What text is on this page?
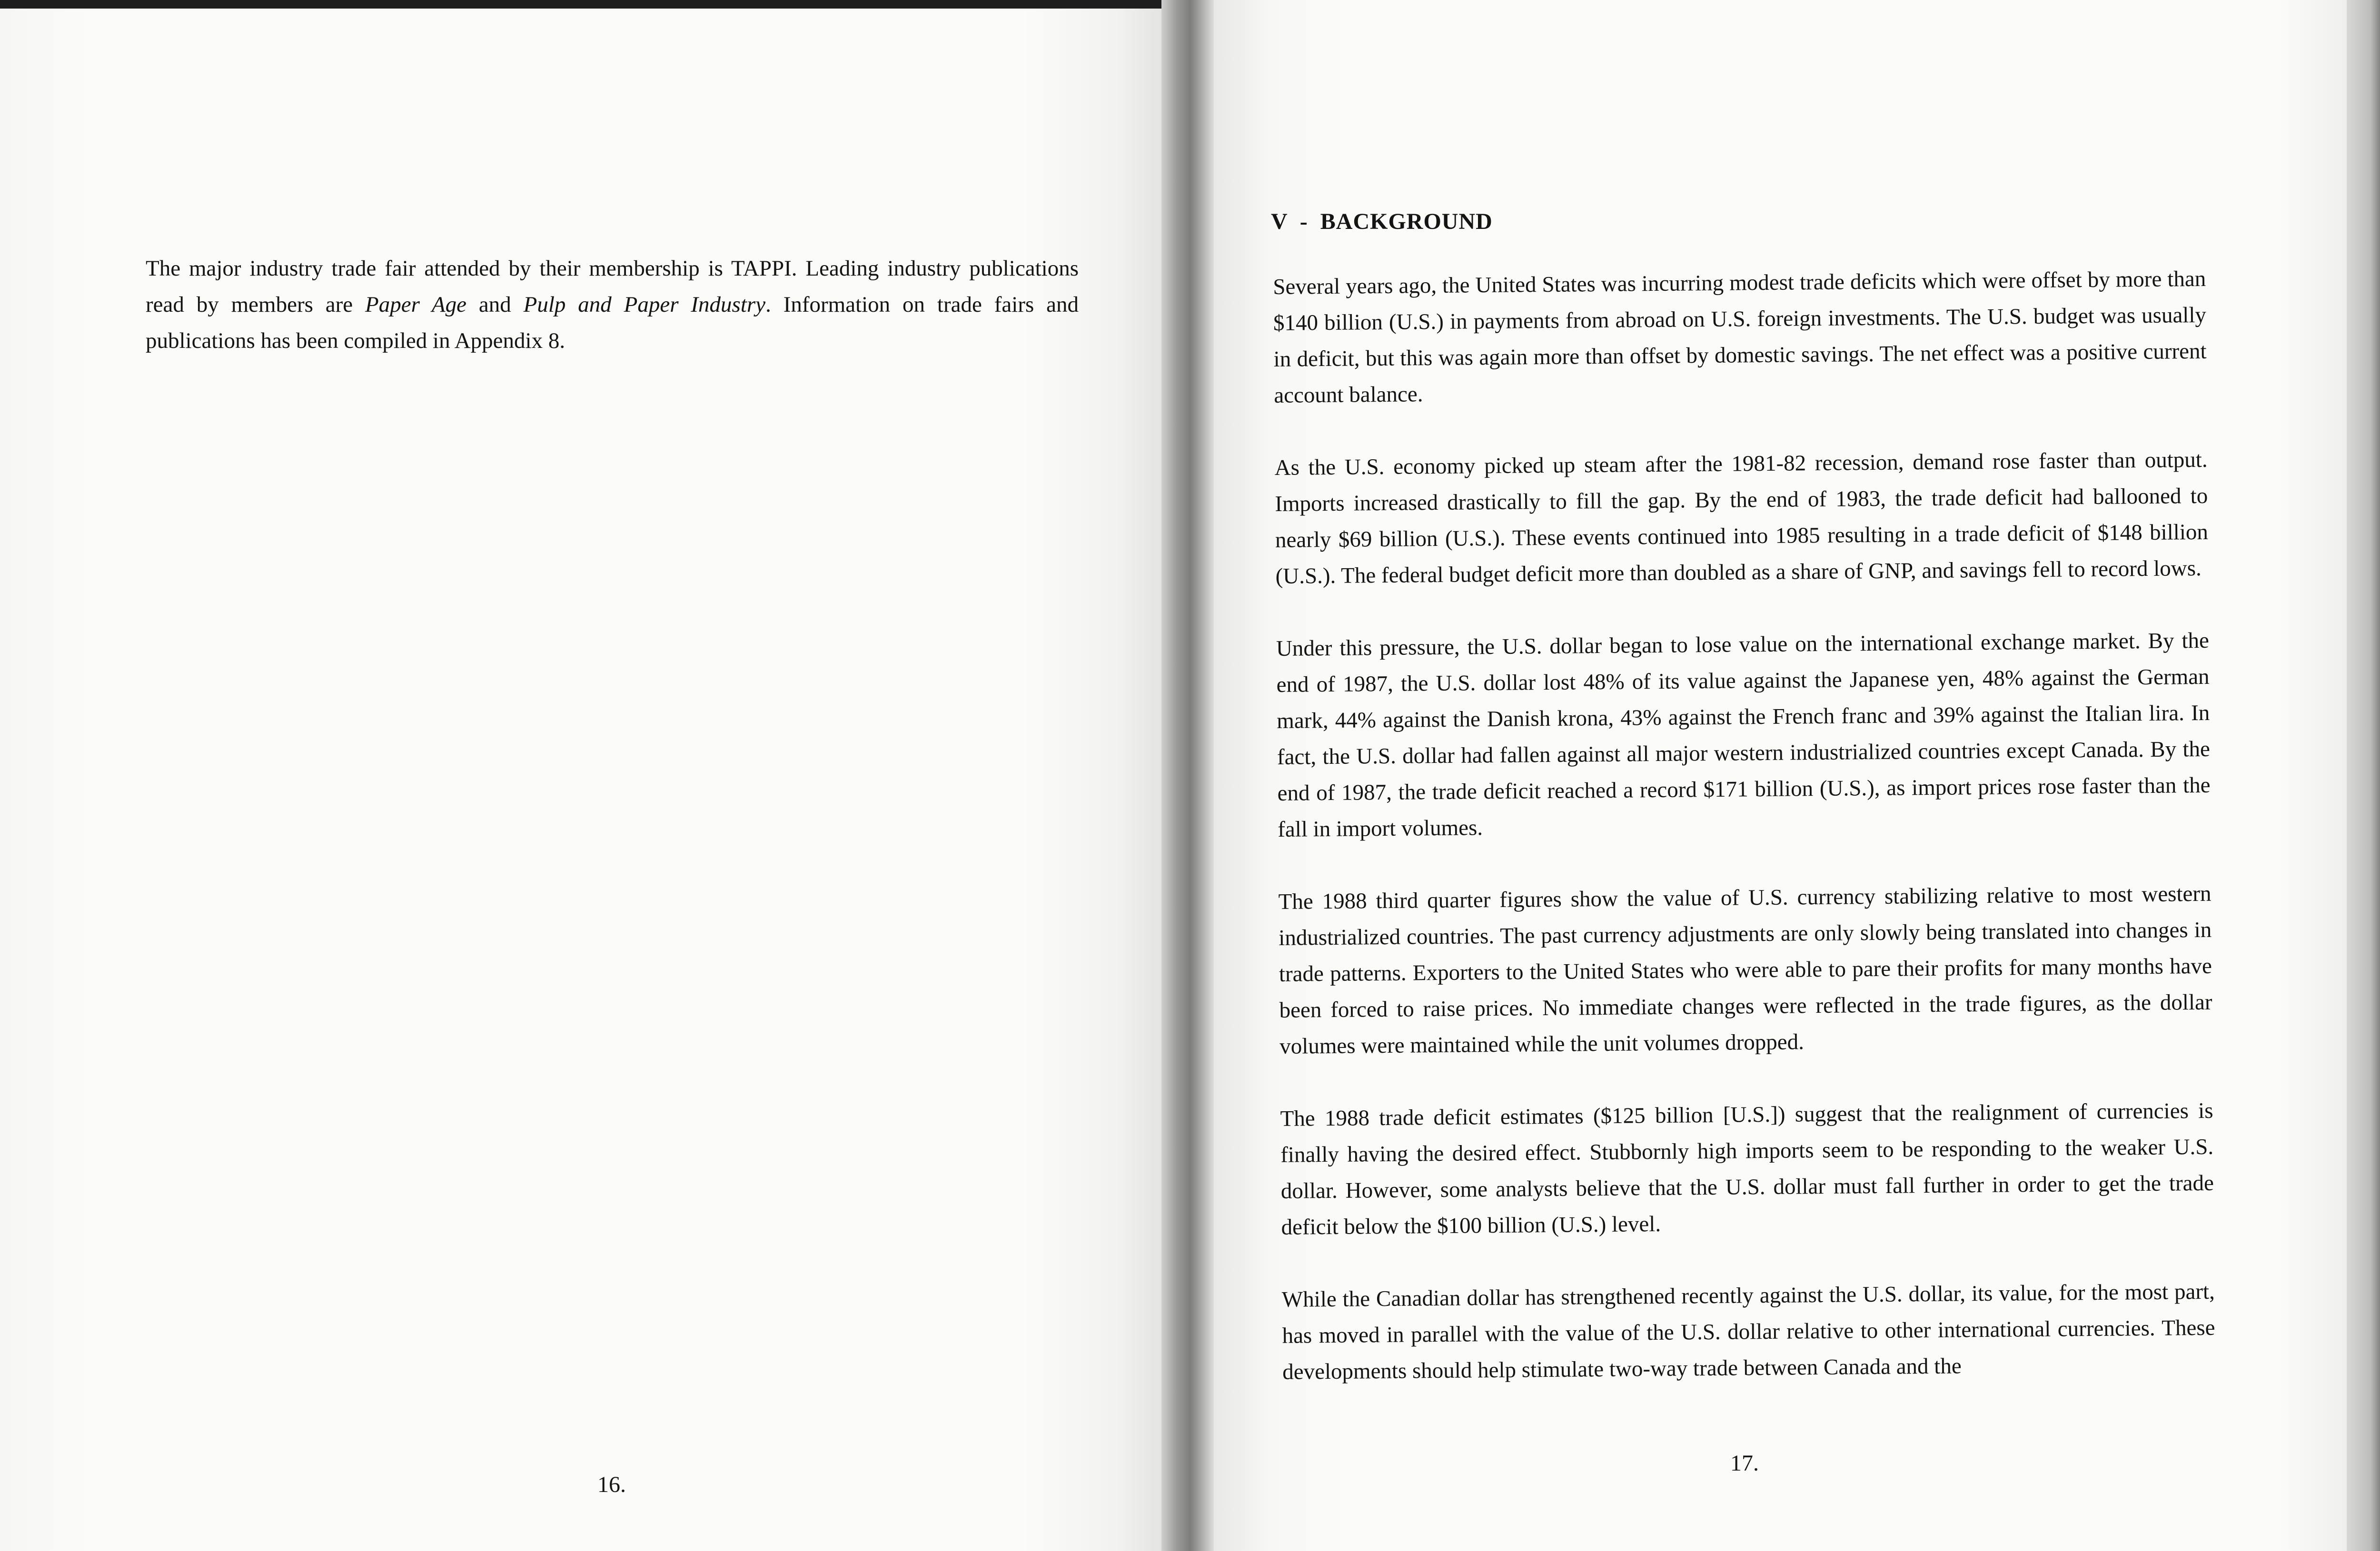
The major industry trade fair attended by their membership is TAPPI. Leading industry publications read by members are Paper Age and Pulp and Paper Industry. Information on trade fairs and publications has been compiled in Appendix 8.

16.
V  -  BACKGROUND

Several years ago, the United States was incurring modest trade deficits which were offset by more than $140 billion (U.S.) in payments from abroad on U.S. foreign investments. The U.S. budget was usually in deficit, but this was again more than offset by domestic savings. The net effect was a positive current account balance.

As the U.S. economy picked up steam after the 1981-82 recession, demand rose faster than output. Imports increased drastically to fill the gap. By the end of 1983, the trade deficit had ballooned to nearly $69 billion (U.S.). These events continued into 1985 resulting in a trade deficit of $148 billion (U.S.). The federal budget deficit more than doubled as a share of GNP, and savings fell to record lows.

Under this pressure, the U.S. dollar began to lose value on the international exchange market. By the end of 1987, the U.S. dollar lost 48% of its value against the Japanese yen, 48% against the German mark, 44% against the Danish krona, 43% against the French franc and 39% against the Italian lira. In fact, the U.S. dollar had fallen against all major western industrialized countries except Canada. By the end of 1987, the trade deficit reached a record $171 billion (U.S.), as import prices rose faster than the fall in import volumes.

The 1988 third quarter figures show the value of U.S. currency stabilizing relative to most western industrialized countries. The past currency adjustments are only slowly being translated into changes in trade patterns. Exporters to the United States who were able to pare their profits for many months have been forced to raise prices. No immediate changes were reflected in the trade figures, as the dollar volumes were maintained while the unit volumes dropped.

The 1988 trade deficit estimates ($125 billion [U.S.]) suggest that the realignment of currencies is finally having the desired effect. Stubbornly high imports seem to be responding to the weaker U.S. dollar. However, some analysts believe that the U.S. dollar must fall further in order to get the trade deficit below the $100 billion (U.S.) level.

While the Canadian dollar has strengthened recently against the U.S. dollar, its value, for the most part, has moved in parallel with the value of the U.S. dollar relative to other international currencies. These developments should help stimulate two-way trade between Canada and the

17.
